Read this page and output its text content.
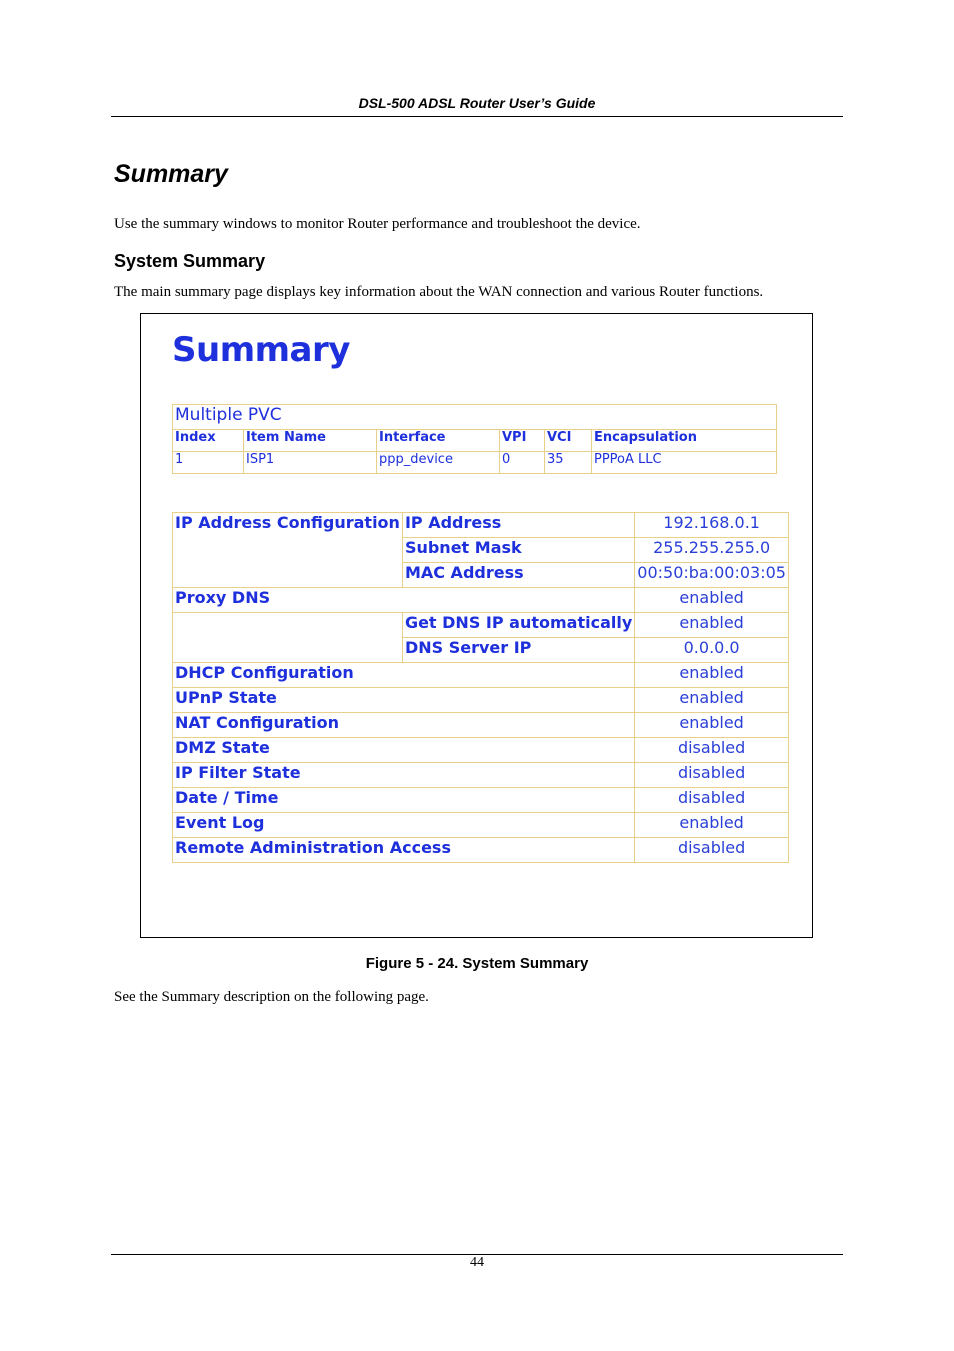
DSL-500 ADSL Router User’s Guide
Summary
Use the summary windows to monitor Router performance and troubleshoot the device.
System Summary
The main summary page displays key information about the WAN connection and various Router functions.
Summary
Multiple PVC					
Index	Item Name	Interface	VPI	VCI	Encapsulation
1	ISP1	ppp_device	0	35	PPPoA LLC
IP Address Configuration	IP Address	192.168.0.1
	Subnet Mask	255.255.255.0
	MAC Address	00:50:ba:00:03:05
Proxy DNS		enabled
	Get DNS IP automatically	enabled
	DNS Server IP	0.0.0.0
DHCP Configuration		enabled
UPnP State		enabled
NAT Configuration		enabled
DMZ State		disabled
IP Filter State		disabled
Date / Time		disabled
Event Log		enabled
Remote Administration Access		disabled
Figure 5 - 24. System Summary
See the Summary description on the following page.
44
